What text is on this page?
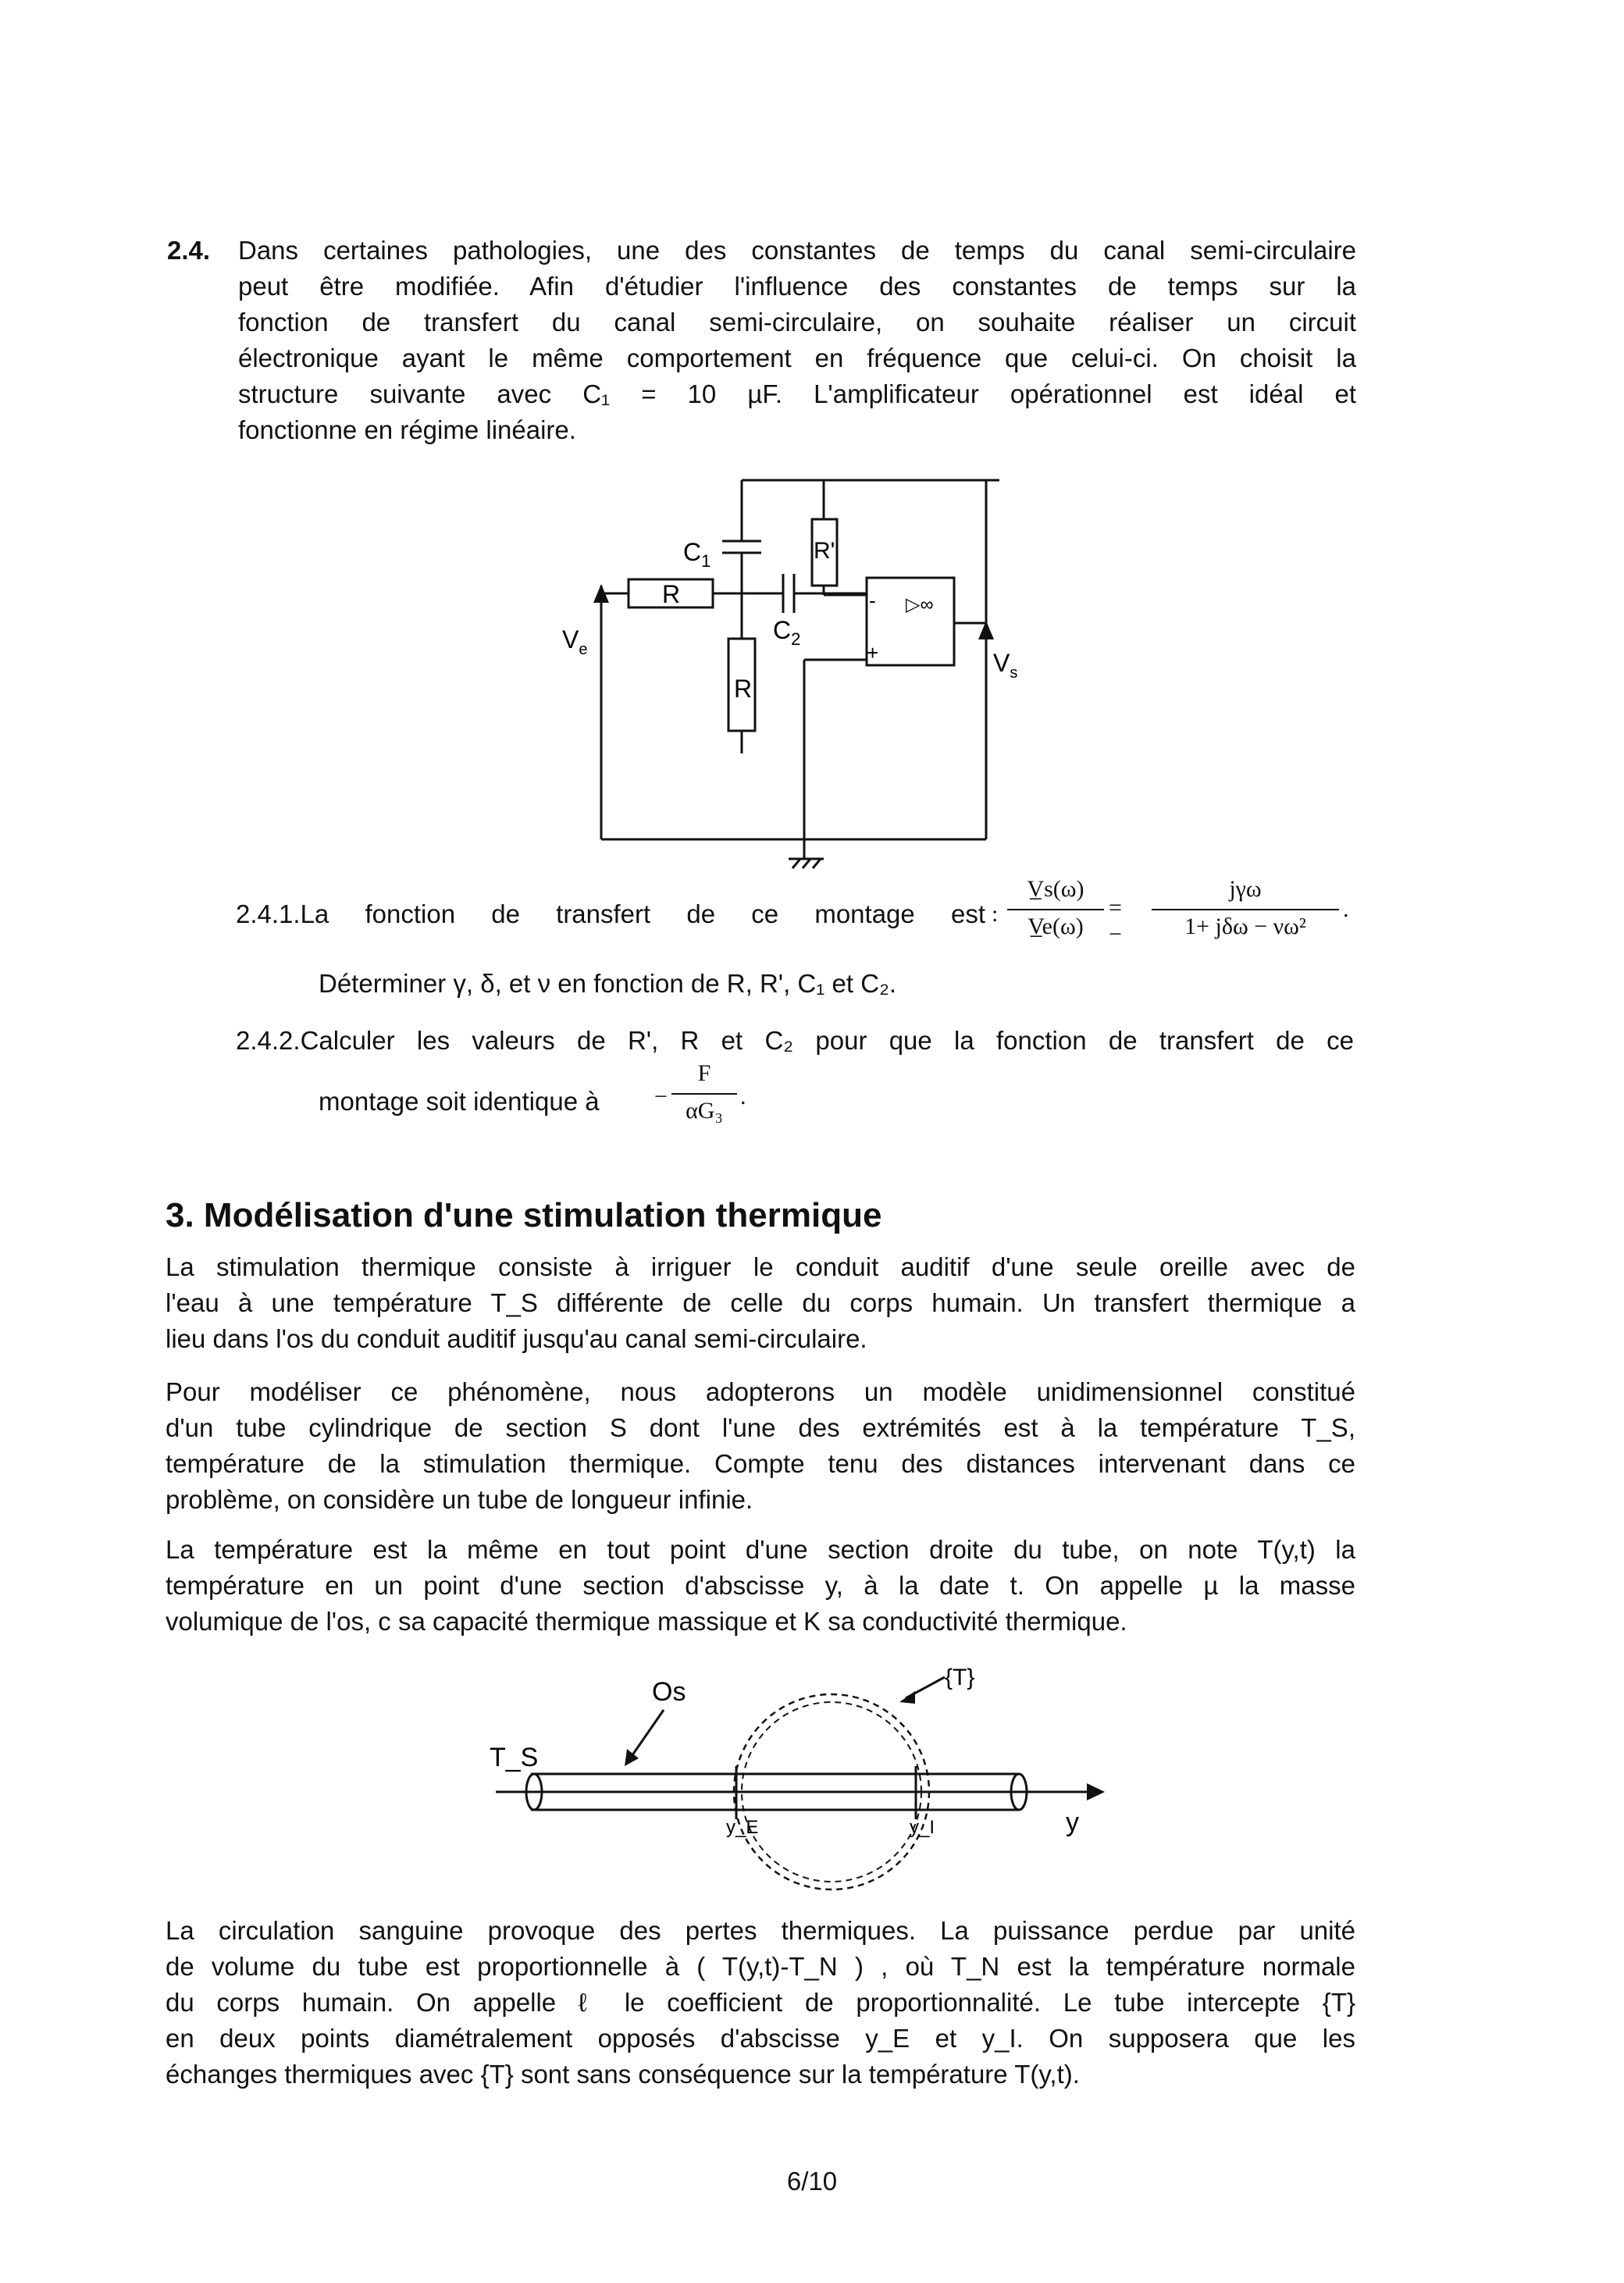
2.4. Dans certaines pathologies, une des constantes de temps du canal semi-circulaire
peut être modifiée. Afin d'étudier l'influence des constantes de temps sur la
fonction de transfert du canal semi-circulaire, on souhaite réaliser un circuit
électronique ayant le même comportement en fréquence que celui-ci. On choisit la
structure suivante avec C₁ = 10 µF. L'amplificateur opérationnel est idéal et
fonctionne en régime linéaire.
$C_1$
R
R
R'
$C_2$
-
+
▷∞
$V_e$	$V_s$
2.4.1.La fonction de transfert de ce montage est :
V̲s(ω)
V̲e(ω)
= −
jγω
1+ jδω − νω²
.
Déterminer γ, δ, et ν en fonction de R, R', C₁ et C₂.
2.4.2.Calculer les valeurs de R', R et C₂ pour que la fonction de transfert de ce
montage soit identique à −
F
αG₃
.
3. Modélisation d'une stimulation thermique
La stimulation thermique consiste à irriguer le conduit auditif d'une seule oreille avec de
l'eau à une température T_S différente de celle du corps humain. Un transfert thermique a
lieu dans l'os du conduit auditif jusqu'au canal semi-circulaire.
Pour modéliser ce phénomène, nous adopterons un modèle unidimensionnel constitué
d'un tube cylindrique de section S dont l'une des extrémités est à la température T_S,
température de la stimulation thermique. Compte tenu des distances intervenant dans ce
problème, on considère un tube de longueur infinie.
La température est la même en tout point d'une section droite du tube, on note T(y,t) la
température en un point d'une section d'abscisse y, à la date t. On appelle µ la masse
volumique de l'os, c sa capacité thermique massique et K sa conductivité thermique.
Os
T_S
{T}
y_E	y_I	y
La circulation sanguine provoque des pertes thermiques. La puissance perdue par unité
de volume du tube est proportionnelle à ( T(y,t)-T_N ) , où T_N est la température normale
du corps humain. On appelle ℓ le coefficient de proportionnalité. Le tube intercepte {T}
en deux points diamétralement opposés d'abscisse y_E et y_I. On supposera que les
échanges thermiques avec {T} sont sans conséquence sur la température T(y,t).
6/10
